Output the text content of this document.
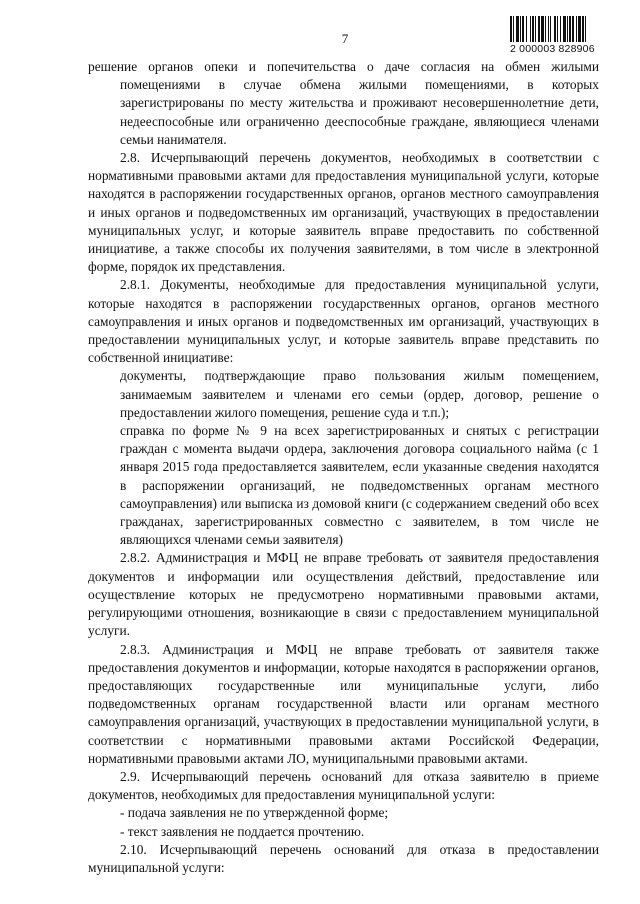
7
2 000003 828906

решение органов опеки и попечительства о даче согласия на обмен жилыми помещениями в случае обмена жилыми помещениями, в которых зарегистрированы по месту жительства и проживают несовершеннолетние дети, недееспособные или ограниченно дееспособные граждане, являющиеся членами семьи нанимателя.

2.8. Исчерпывающий перечень документов, необходимых в соответствии с нормативными правовыми актами для предоставления муниципальной услуги, которые находятся в распоряжении государственных органов, органов местного самоуправления и иных органов и подведомственных им организаций, участвующих в предоставлении муниципальных услуг, и которые заявитель вправе предоставить по собственной инициативе, а также способы их получения заявителями, в том числе в электронной форме, порядок их представления.

2.8.1. Документы, необходимые для предоставления муниципальной услуги, которые находятся в распоряжении государственных органов, органов местного самоуправления и иных органов и подведомственных им организаций, участвующих в предоставлении муниципальных услуг, и которые заявитель вправе представить по собственной инициативе:

документы, подтверждающие право пользования жилым помещением, занимаемым заявителем и членами его семьи (ордер, договор, решение о предоставлении жилого помещения, решение суда и т.п.);

справка по форме № 9 на всех зарегистрированных и снятых с регистрации граждан с момента выдачи ордера, заключения договора социального найма (с 1 января 2015 года предоставляется заявителем, если указанные сведения находятся в распоряжении организаций, не подведомственных органам местного самоуправления) или выписка из домовой книги (с содержанием сведений обо всех гражданах, зарегистрированных совместно с заявителем, в том числе не являющихся членами семьи заявителя)

2.8.2. Администрация и МФЦ не вправе требовать от заявителя предоставления документов и информации или осуществления действий, предоставление или осуществление которых не предусмотрено нормативными правовыми актами, регулирующими отношения, возникающие в связи с предоставлением муниципальной услуги.

2.8.3. Администрация и МФЦ не вправе требовать от заявителя также предоставления документов и информации, которые находятся в распоряжении органов, предоставляющих государственные или муниципальные услуги, либо подведомственных органам государственной власти или органам местного самоуправления организаций, участвующих в предоставлении муниципальной услуги, в соответствии с нормативными правовыми актами Российской Федерации, нормативными правовыми актами ЛО, муниципальными правовыми актами.

2.9. Исчерпывающий перечень оснований для отказа заявителю в приеме документов, необходимых для предоставления муниципальной услуги:

- подача заявления не по утвержденной форме;

- текст заявления не поддается прочтению.

2.10. Исчерпывающий перечень оснований для отказа в предоставлении муниципальной услуги:
